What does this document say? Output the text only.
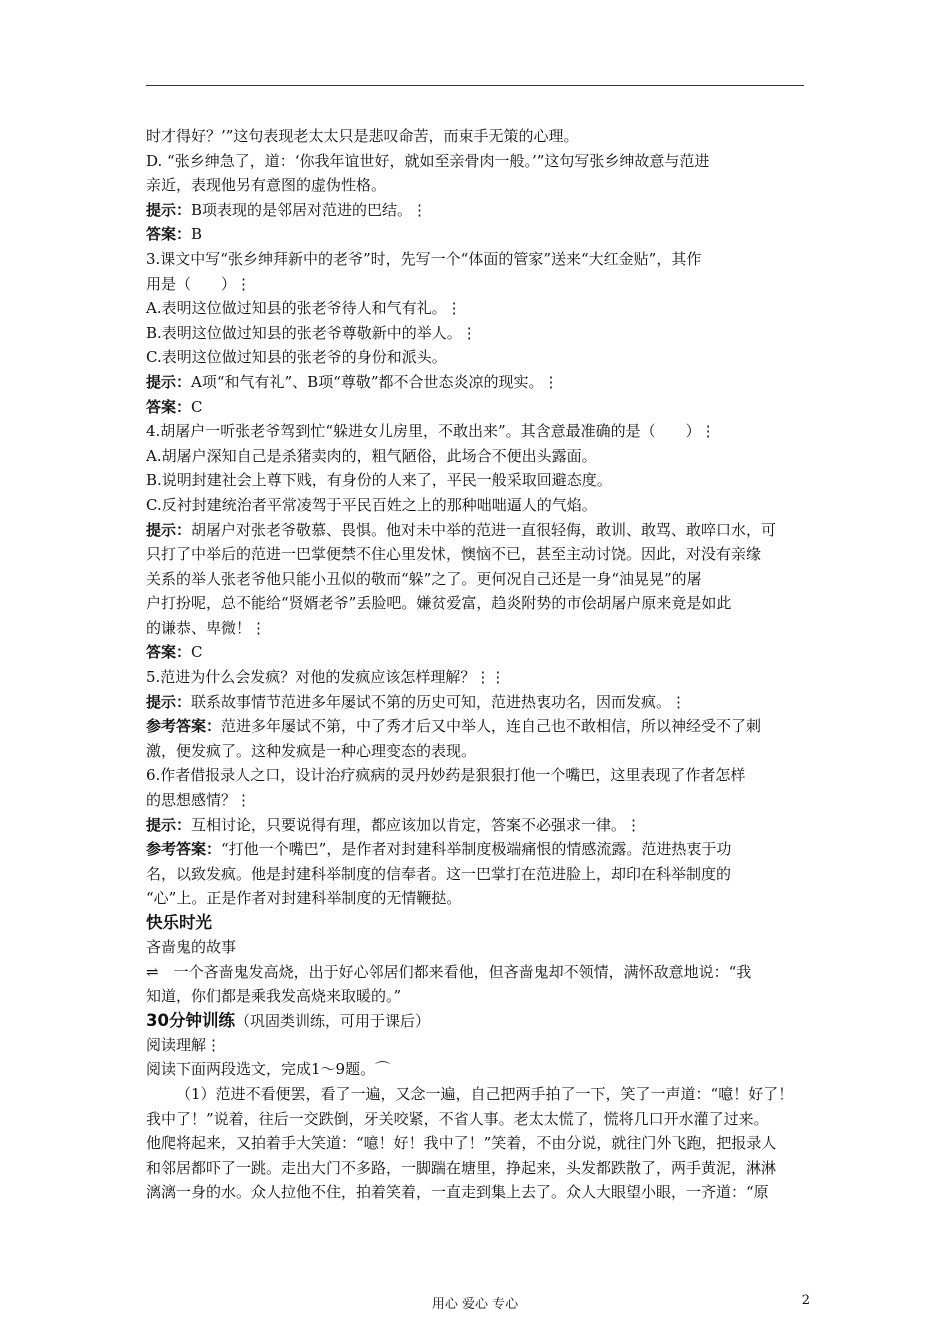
时才得好？’”这句表现老太太只是悲叹命苦，而束手无策的心理。

D. “张乡绅急了，道：‘你我年谊世好，就如至亲骨肉一般。’”这句写张乡绅故意与范进

亲近，表现他另有意图的虚伪性格。

提示：B项表现的是邻居对范进的巴结。⋮

答案：B

3.课文中写“张乡绅拜新中的老爷”时，先写一个“体面的管家”送来“大红金贴”，其作

用是（　　）⋮

A.表明这位做过知县的张老爷待人和气有礼。⋮

B.表明这位做过知县的张老爷尊敬新中的举人。⋮

C.表明这位做过知县的张老爷的身份和派头。

提示：A项“和气有礼”、B项“尊敬”都不合世态炎凉的现实。⋮

答案：C

4.胡屠户一听张老爷驾到忙“躲进女儿房里，不敢出来”。其含意最准确的是（　　）⋮

A.胡屠户深知自己是杀猪卖肉的，粗气陋俗，此场合不便出头露面。

B.说明封建社会上尊下贱，有身份的人来了，平民一般采取回避态度。

C.反衬封建统治者平常凌驾于平民百姓之上的那种咄咄逼人的气焰。

提示：胡屠户对张老爷敬慕、畏惧。他对未中举的范进一直很轻侮，敢训、敢骂、敢啐口水，可

只打了中举后的范进一巴掌便禁不住心里发怵，懊恼不已，甚至主动讨饶。因此，对没有亲缘

关系的举人张老爷他只能小丑似的敬而“躲”之了。更何况自己还是一身“油晃晃”的屠

户打扮呢，总不能给“贤婿老爷”丢脸吧。嫌贫爱富，趋炎附势的市侩胡屠户原来竟是如此

的谦恭、卑微！⋮

答案：C

5.范进为什么会发疯？对他的发疯应该怎样理解？⋮⋮

提示：联系故事情节范进多年屡试不第的历史可知，范进热衷功名，因而发疯。⋮

参考答案：范进多年屡试不第，中了秀才后又中举人，连自己也不敢相信，所以神经受不了刺

激，便发疯了。这种发疯是一种心理变态的表现。

6.作者借报录人之口，设计治疗疯病的灵丹妙药是狠狠打他一个嘴巴，这里表现了作者怎样

的思想感情？⋮

提示：互相讨论，只要说得有理，都应该加以肯定，答案不必强求一律。⋮

参考答案：“打他一个嘴巴”，是作者对封建科举制度极端痛恨的情感流露。范进热衷于功

名，以致发疯。他是封建科举制度的信奉者。这一巴掌打在范进脸上，却印在科举制度的

“心”上。正是作者对封建科举制度的无情鞭挞。

快乐时光

吝啬鬼的故事

⇌　一个吝啬鬼发高烧，出于好心邻居们都来看他，但吝啬鬼却不领情，满怀敌意地说：“我

知道，你们都是乘我发高烧来取暖的。”

30分钟训练（巩固类训练，可用于课后）

阅读理解⋮

阅读下面两段选文，完成1～9题。⌒

（1）范进不看便罢，看了一遍，又念一遍，自己把两手拍了一下，笑了一声道：“噫！好了！

我中了！”说着，往后一交跌倒，牙关咬紧，不省人事。老太太慌了，慌将几口开水灌了过来。

他爬将起来，又拍着手大笑道：“噫！好！我中了！”笑着，不由分说，就往门外飞跑，把报录人

和邻居都吓了一跳。走出大门不多路，一脚踹在塘里，挣起来，头发都跌散了，两手黄泥，淋淋

漓漓一身的水。众人拉他不住，拍着笑着，一直走到集上去了。众人大眼望小眼，一齐道：“原

用心 爱心 专心	2
